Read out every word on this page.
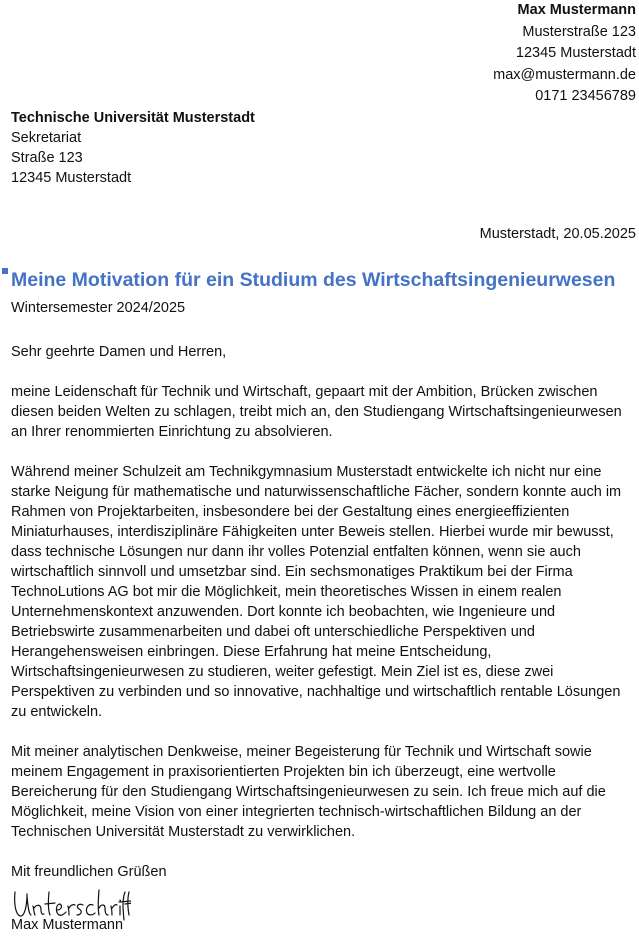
Max Mustermann
Musterstraße 123
12345 Musterstadt
max@mustermann.de
0171 23456789
Technische Universität Musterstadt
Sekretariat
Straße 123
12345 Musterstadt
Musterstadt, 20.05.2025
Meine Motivation für ein Studium des Wirtschaftsingenieurwesen
Wintersemester 2024/2025

Sehr geehrte Damen und Herren,

meine Leidenschaft für Technik und Wirtschaft, gepaart mit der Ambition, Brücken zwischen diesen beiden Welten zu schlagen, treibt mich an, den Studiengang Wirtschaftsingenieurwesen an Ihrer renommierten Einrichtung zu absolvieren.

Während meiner Schulzeit am Technikgymnasium Musterstadt entwickelte ich nicht nur eine starke Neigung für mathematische und naturwissenschaftliche Fächer, sondern konnte auch im Rahmen von Projektarbeiten, insbesondere bei der Gestaltung eines energieeffizienten Miniaturhauses, interdisziplinäre Fähigkeiten unter Beweis stellen. Hierbei wurde mir bewusst, dass technische Lösungen nur dann ihr volles Potenzial entfalten können, wenn sie auch wirtschaftlich sinnvoll und umsetzbar sind. Ein sechsmonatiges Praktikum bei der Firma TechnoLutions AG bot mir die Möglichkeit, mein theoretisches Wissen in einem realen Unternehmenskontext anzuwenden. Dort konnte ich beobachten, wie Ingenieure und Betriebswirte zusammenarbeiten und dabei oft unterschiedliche Perspektiven und Herangehensweisen einbringen. Diese Erfahrung hat meine Entscheidung, Wirtschaftsingenieurwesen zu studieren, weiter gefestigt. Mein Ziel ist es, diese zwei Perspektiven zu verbinden und so innovative, nachhaltige und wirtschaftlich rentable Lösungen zu entwickeln.

Mit meiner analytischen Denkweise, meiner Begeisterung für Technik und Wirtschaft sowie meinem Engagement in praxisorientierten Projekten bin ich überzeugt, eine wertvolle Bereicherung für den Studiengang Wirtschaftsingenieurwesen zu sein. Ich freue mich auf die Möglichkeit, meine Vision von einer integrierten technisch-wirtschaftlichen Bildung an der Technischen Universität Musterstadt zu verwirklichen.

Mit freundlichen Grüßen

Max Mustermann
